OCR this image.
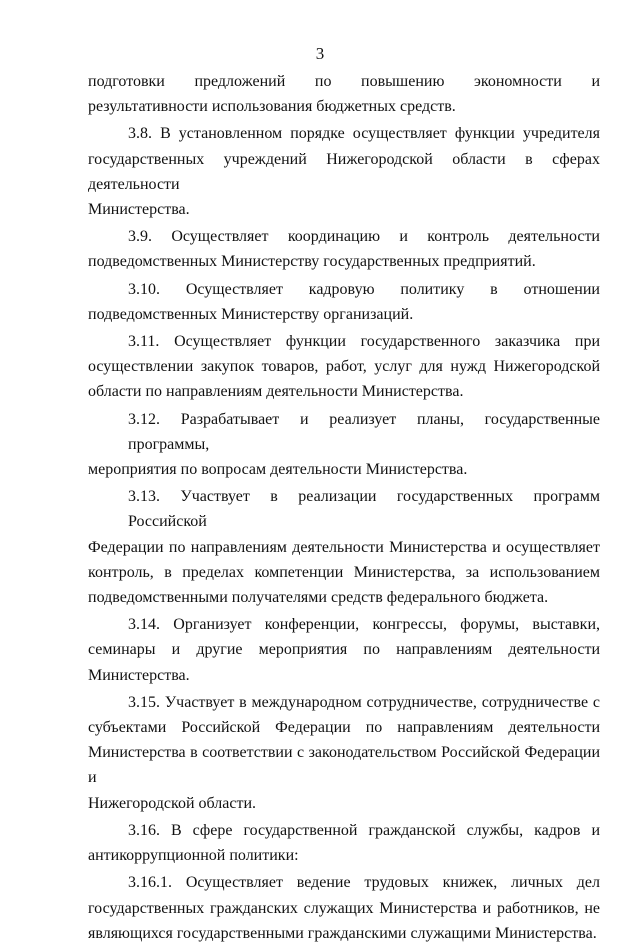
3
подготовки предложений по повышению экономности и
результативности использования бюджетных средств.
3.8. В установленном порядке осуществляет функции учредителя
государственных учреждений Нижегородской области в сферах деятельности
Министерства.
3.9. Осуществляет координацию и контроль деятельности
подведомственных Министерству государственных предприятий.
3.10. Осуществляет кадровую политику в отношении
подведомственных Министерству организаций.
3.11. Осуществляет функции государственного заказчика при
осуществлении закупок товаров, работ, услуг для нужд Нижегородской
области по направлениям деятельности Министерства.
3.12. Разрабатывает и реализует планы, государственные программы,
мероприятия по вопросам деятельности Министерства.
3.13. Участвует в реализации государственных программ Российской
Федерации по направлениям деятельности Министерства и осуществляет
контроль, в пределах компетенции Министерства, за использованием
подведомственными получателями средств федерального бюджета.
3.14. Организует конференции, конгрессы, форумы, выставки,
семинары и другие мероприятия по направлениям деятельности
Министерства.
3.15. Участвует в международном сотрудничестве, сотрудничестве с
субъектами Российской Федерации по направлениям деятельности
Министерства в соответствии с законодательством Российской Федерации и
Нижегородской области.
3.16. В сфере государственной гражданской службы, кадров и
антикоррупционной политики:
3.16.1. Осуществляет ведение трудовых книжек, личных дел
государственных гражданских служащих Министерства и работников, не
являющихся государственными гражданскими служащими Министерства.
